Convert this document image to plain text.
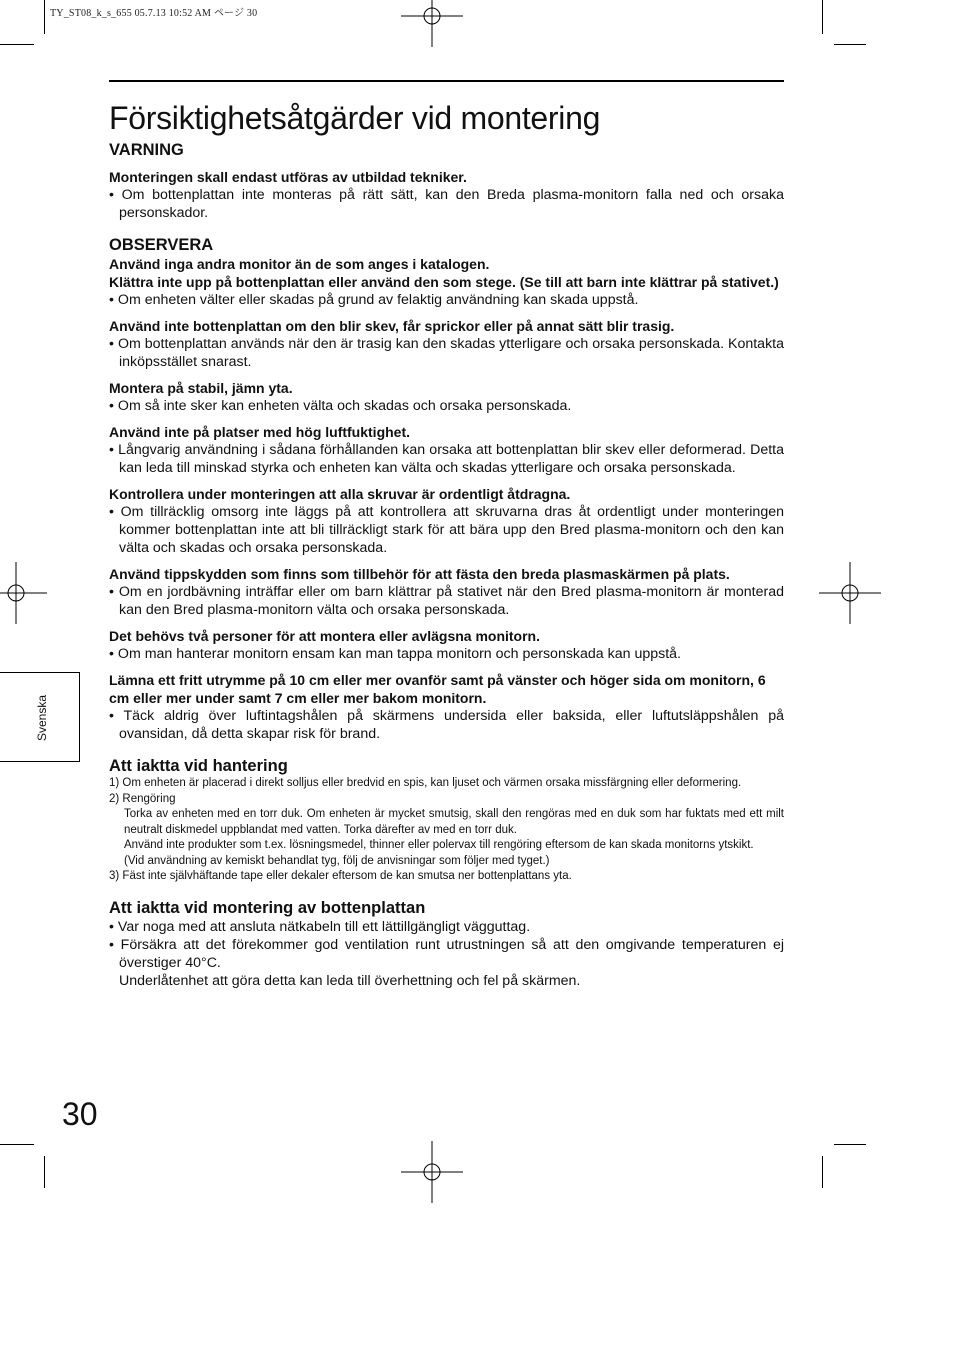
TY_ST08_k_s_655 05.7.13 10:52 AM ページ 30
Svenska
Försiktighetsåtgärder vid montering
VARNING
Monteringen skall endast utföras av utbildad tekniker.
• Om bottenplattan inte monteras på rätt sätt, kan den Breda plasma-monitorn falla ned och orsaka personskador.
OBSERVERA
Använd inga andra monitor än de som anges i katalogen.
Klättra inte upp på bottenplattan eller använd den som stege. (Se till att barn inte klättrar på stativet.)
• Om enheten välter eller skadas på grund av felaktig användning kan skada uppstå.
Använd inte bottenplattan om den blir skev, får sprickor eller på annat sätt blir trasig.
• Om bottenplattan används när den är trasig kan den skadas ytterligare och orsaka personskada. Kontakta inköpsstället snarast.
Montera på stabil, jämn yta.
• Om så inte sker kan enheten välta och skadas och orsaka personskada.
Använd inte på platser med hög luftfuktighet.
• Långvarig användning i sådana förhållanden kan orsaka att bottenplattan blir skev eller deformerad. Detta kan leda till minskad styrka och enheten kan välta och skadas ytterligare och orsaka personskada.
Kontrollera under monteringen att alla skruvar är ordentligt åtdragna.
• Om tillräcklig omsorg inte läggs på att kontrollera att skruvarna dras åt ordentligt under monteringen kommer bottenplattan inte att bli tillräckligt stark för att bära upp den Bred plasma-monitorn och den kan välta och skadas och orsaka personskada.
Använd tippskydden som finns som tillbehör för att fästa den breda plasmaskärmen på plats.
• Om en jordbävning inträffar eller om barn klättrar på stativet när den Bred plasma-monitorn är monterad kan den Bred plasma-monitorn välta och orsaka personskada.
Det behövs två personer för att montera eller avlägsna monitorn.
• Om man hanterar monitorn ensam kan man tappa monitorn och personskada kan uppstå.
Lämna ett fritt utrymme på 10 cm eller mer ovanför samt på vänster och höger sida om monitorn, 6 cm eller mer under samt 7 cm eller mer bakom monitorn.
• Täck aldrig över luftintagshålen på skärmens undersida eller baksida, eller luftutsläppshålen på ovansidan, då detta skapar risk för brand.
Att iaktta vid hantering
1) Om enheten är placerad i direkt solljus eller bredvid en spis, kan ljuset och värmen orsaka missfärgning eller deformering.
2) Rengöring
Torka av enheten med en torr duk. Om enheten är mycket smutsig, skall den rengöras med en duk som har fuktats med ett milt neutralt diskmedel uppblandat med vatten. Torka därefter av med en torr duk.
Använd inte produkter som t.ex. lösningsmedel, thinner eller polervax till rengöring eftersom de kan skada monitorns ytskikt.
(Vid användning av kemiskt behandlat tyg, följ de anvisningar som följer med tyget.)
3) Fäst inte självhäftande tape eller dekaler eftersom de kan smutsa ner bottenplattans yta.
Att iaktta vid montering av bottenplattan
• Var noga med att ansluta nätkabeln till ett lättillgängligt vägguttag.
• Försäkra att det förekommer god ventilation runt utrustningen så att den omgivande temperaturen ej överstiger 40°C.
Underlåtenhet att göra detta kan leda till överhettning och fel på skärmen.
30
